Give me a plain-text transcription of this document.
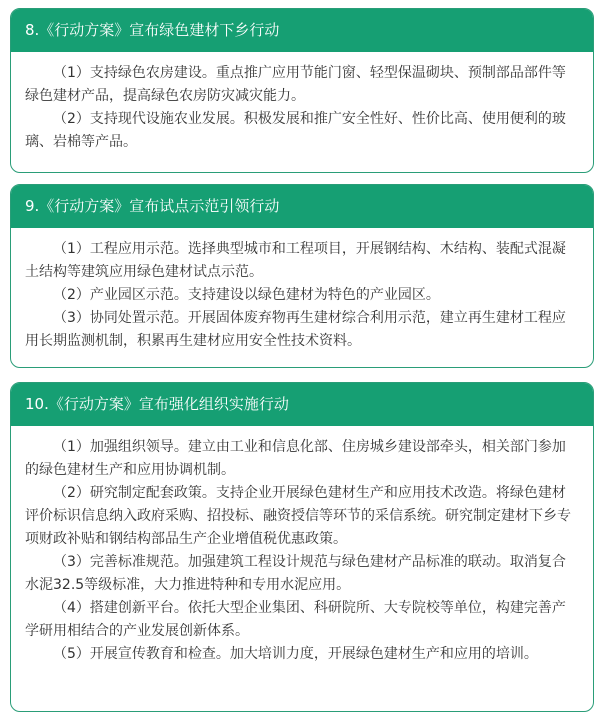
8.《行动方案》宣布绿色建材下乡行动

（1）支持绿色农房建设。重点推广应用节能门窗、轻型保温砌块、预制部品部件等绿色建材产品，提高绿色农房防灾减灾能力。

（2）支持现代设施农业发展。积极发展和推广安全性好、性价比高、使用便利的玻璃、岩棉等产品。

9.《行动方案》宣布试点示范引领行动

（1）工程应用示范。选择典型城市和工程项目，开展钢结构、木结构、装配式混凝土结构等建筑应用绿色建材试点示范。

（2）产业园区示范。支持建设以绿色建材为特色的产业园区。

（3）协同处置示范。开展固体废弃物再生建材综合利用示范，建立再生建材工程应用长期监测机制，积累再生建材应用安全性技术资料。

10.《行动方案》宣布强化组织实施行动

（1）加强组织领导。建立由工业和信息化部、住房城乡建设部牵头，相关部门参加的绿色建材生产和应用协调机制。

（2）研究制定配套政策。支持企业开展绿色建材生产和应用技术改造。将绿色建材评价标识信息纳入政府采购、招投标、融资授信等环节的采信系统。研究制定建材下乡专项财政补贴和钢结构部品生产企业增值税优惠政策。

（3）完善标准规范。加强建筑工程设计规范与绿色建材产品标准的联动。取消复合水泥32.5等级标准，大力推进特种和专用水泥应用。

（4）搭建创新平台。依托大型企业集团、科研院所、大专院校等单位，构建完善产学研用相结合的产业发展创新体系。

（5）开展宣传教育和检查。加大培训力度，开展绿色建材生产和应用的培训。
